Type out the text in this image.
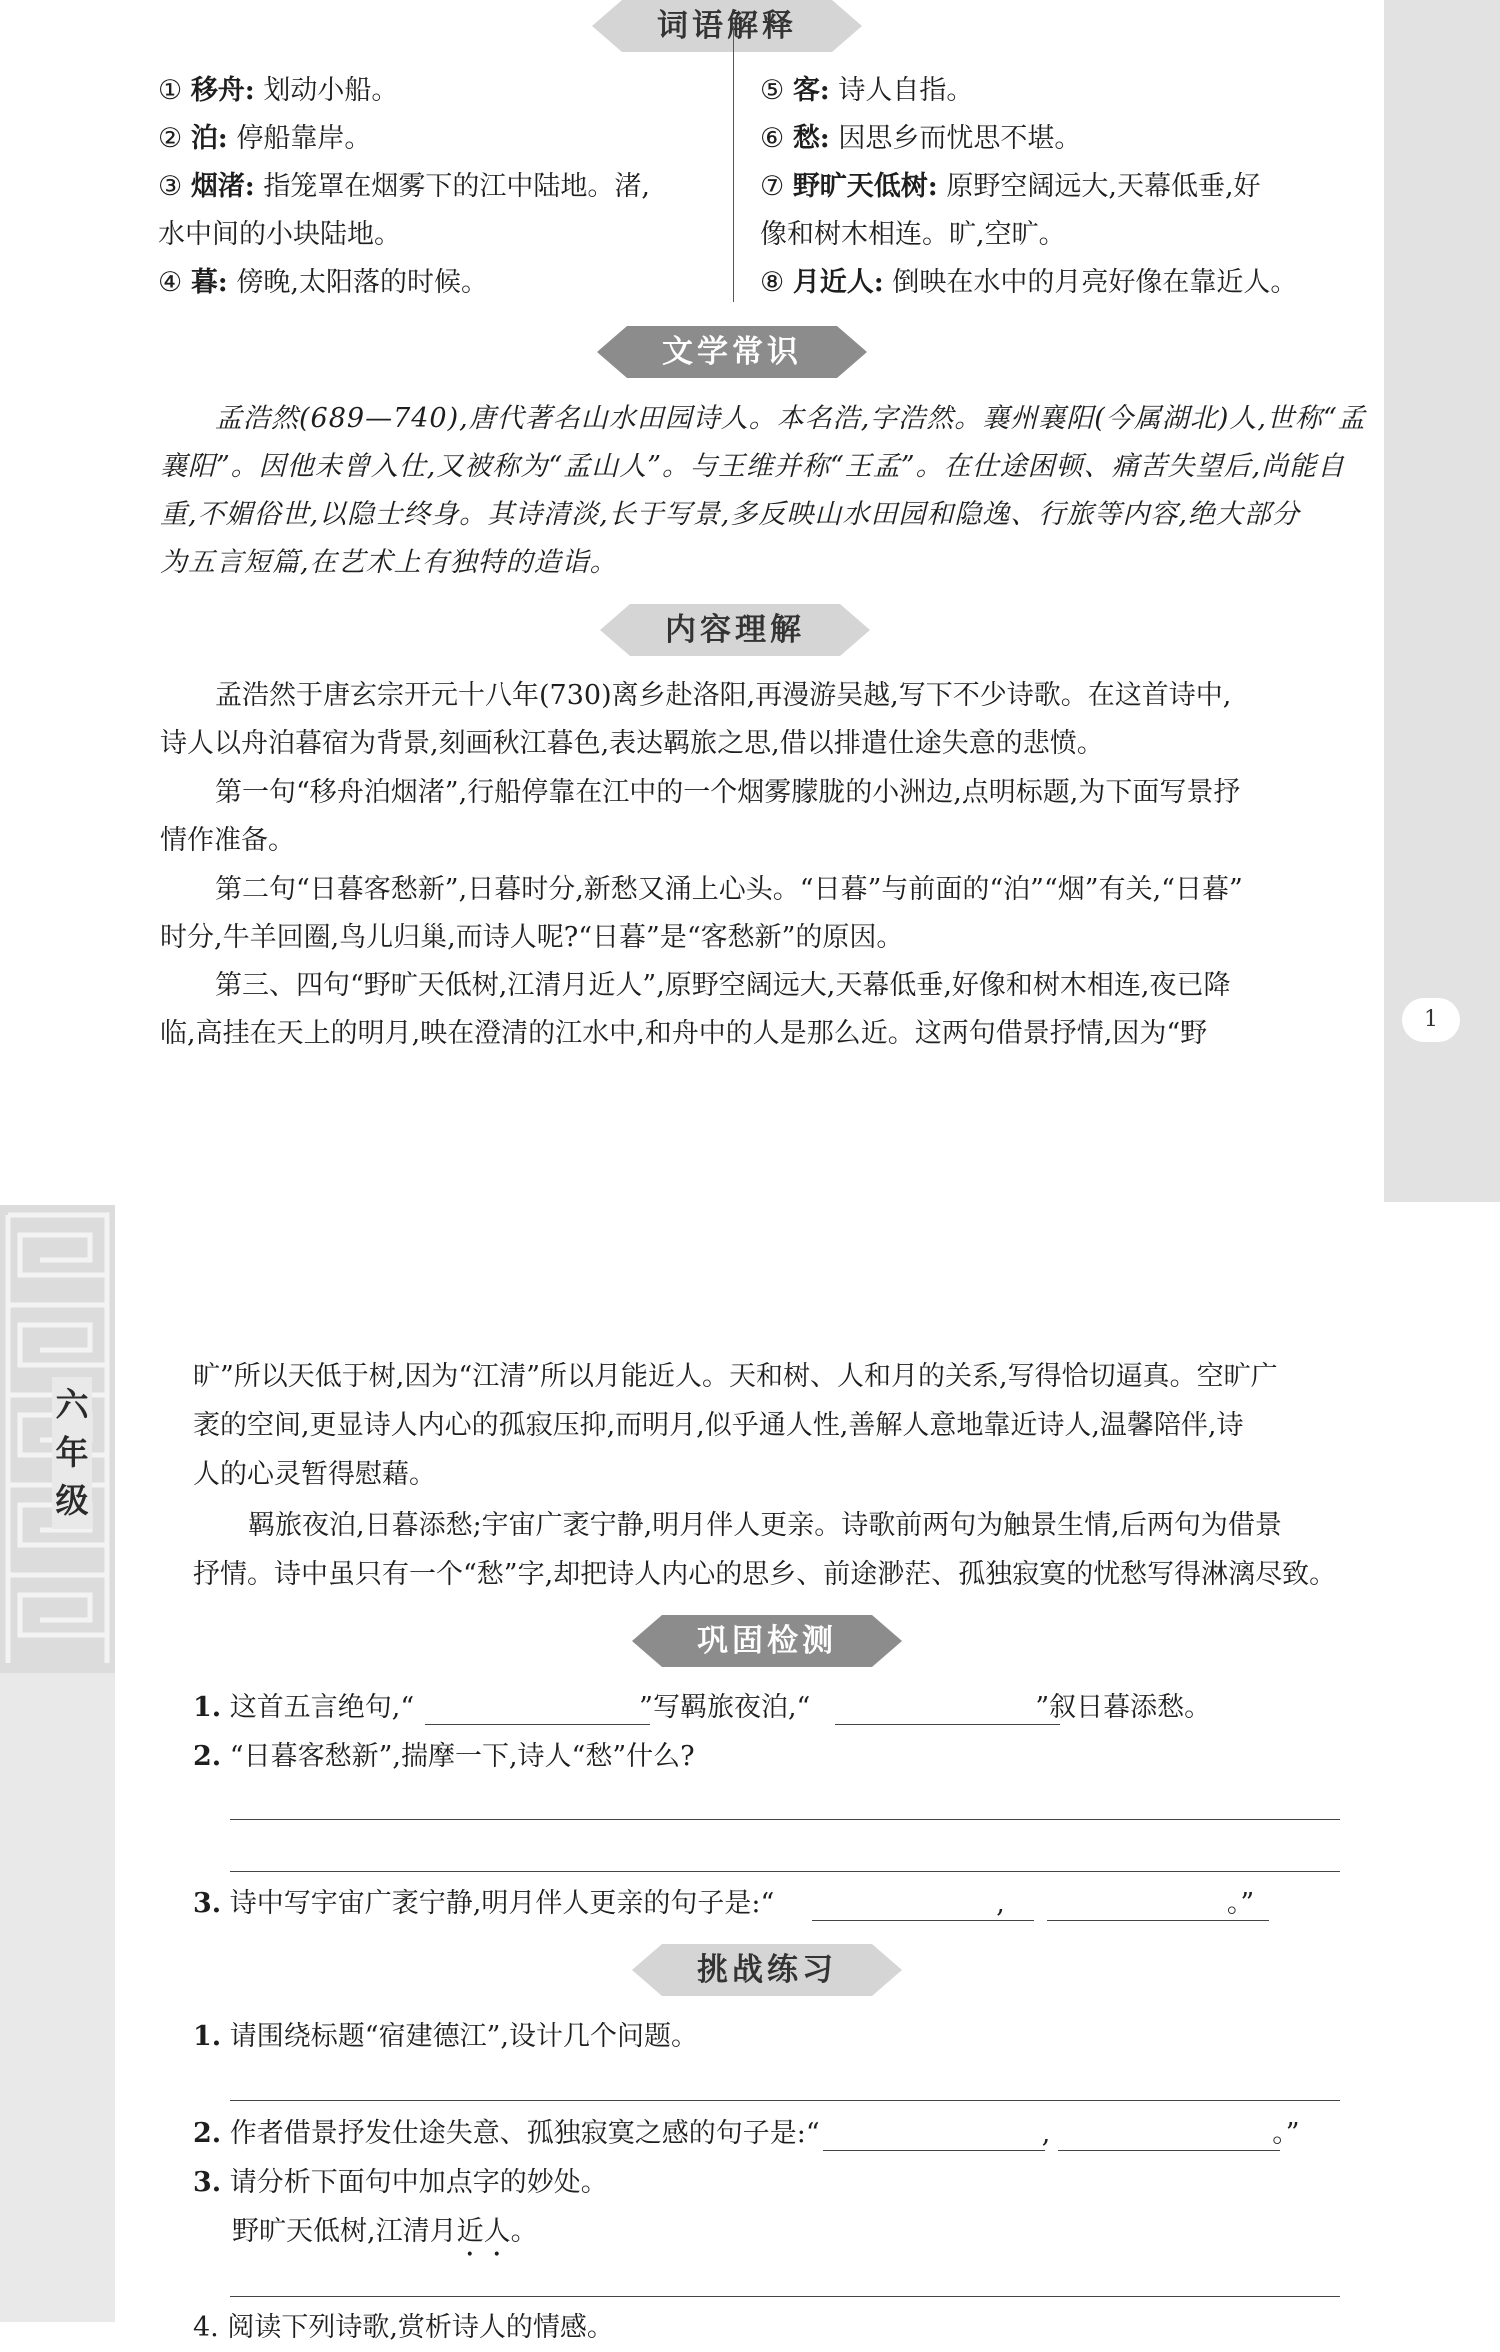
1
六年级
词语解释
① 移舟: 划动小船。
② 泊: 停船靠岸。
③ 烟渚: 指笼罩在烟雾下的江中陆地。渚,
水中间的小块陆地。
④ 暮: 傍晚,太阳落的时候。
⑤ 客: 诗人自指。
⑥ 愁: 因思乡而忧思不堪。
⑦ 野旷天低树: 原野空阔远大,天幕低垂,好
像和树木相连。旷,空旷。
⑧ 月近人: 倒映在水中的月亮好像在靠近人。
文学常识
孟浩然(689—740),唐代著名山水田园诗人。本名浩,字浩然。襄州襄阳(今属湖北)人,世称“孟
襄阳”。因他未曾入仕,又被称为“孟山人”。与王维并称“王孟”。在仕途困顿、痛苦失望后,尚能自
重,不媚俗世,以隐士终身。其诗清淡,长于写景,多反映山水田园和隐逸、行旅等内容,绝大部分
为五言短篇,在艺术上有独特的造诣。
内容理解
孟浩然于唐玄宗开元十八年(730)离乡赴洛阳,再漫游吴越,写下不少诗歌。在这首诗中,
诗人以舟泊暮宿为背景,刻画秋江暮色,表达羁旅之思,借以排遣仕途失意的悲愤。
第一句“移舟泊烟渚”,行船停靠在江中的一个烟雾朦胧的小洲边,点明标题,为下面写景抒
情作准备。
第二句“日暮客愁新”,日暮时分,新愁又涌上心头。“日暮”与前面的“泊”“烟”有关,“日暮”
时分,牛羊回圈,鸟儿归巢,而诗人呢?“日暮”是“客愁新”的原因。
第三、四句“野旷天低树,江清月近人”,原野空阔远大,天幕低垂,好像和树木相连,夜已降
临,高挂在天上的明月,映在澄清的江水中,和舟中的人是那么近。这两句借景抒情,因为“野
旷”所以天低于树,因为“江清”所以月能近人。天和树、人和月的关系,写得恰切逼真。空旷广
袤的空间,更显诗人内心的孤寂压抑,而明月,似乎通人性,善解人意地靠近诗人,温馨陪伴,诗
人的心灵暂得慰藉。
羁旅夜泊,日暮添愁;宇宙广袤宁静,明月伴人更亲。诗歌前两句为触景生情,后两句为借景
抒情。诗中虽只有一个“愁”字,却把诗人内心的思乡、前途渺茫、孤独寂寞的忧愁写得淋漓尽致。
巩固检测
1. 这首五言绝句,“	”写羁旅夜泊,“	”叙日暮添愁。
2. “日暮客愁新”,揣摩一下,诗人“愁”什么?
3. 诗中写宇宙广袤宁静,明月伴人更亲的句子是:“	,	。”
挑战练习
1. 请围绕标题“宿建德江”,设计几个问题。
2. 作者借景抒发仕途失意、孤独寂寞之感的句子是:“	,	。”
3. 请分析下面句中加点字的妙处。
野旷天低树,江清月近人。
4. 阅读下列诗歌,赏析诗人的情感。
